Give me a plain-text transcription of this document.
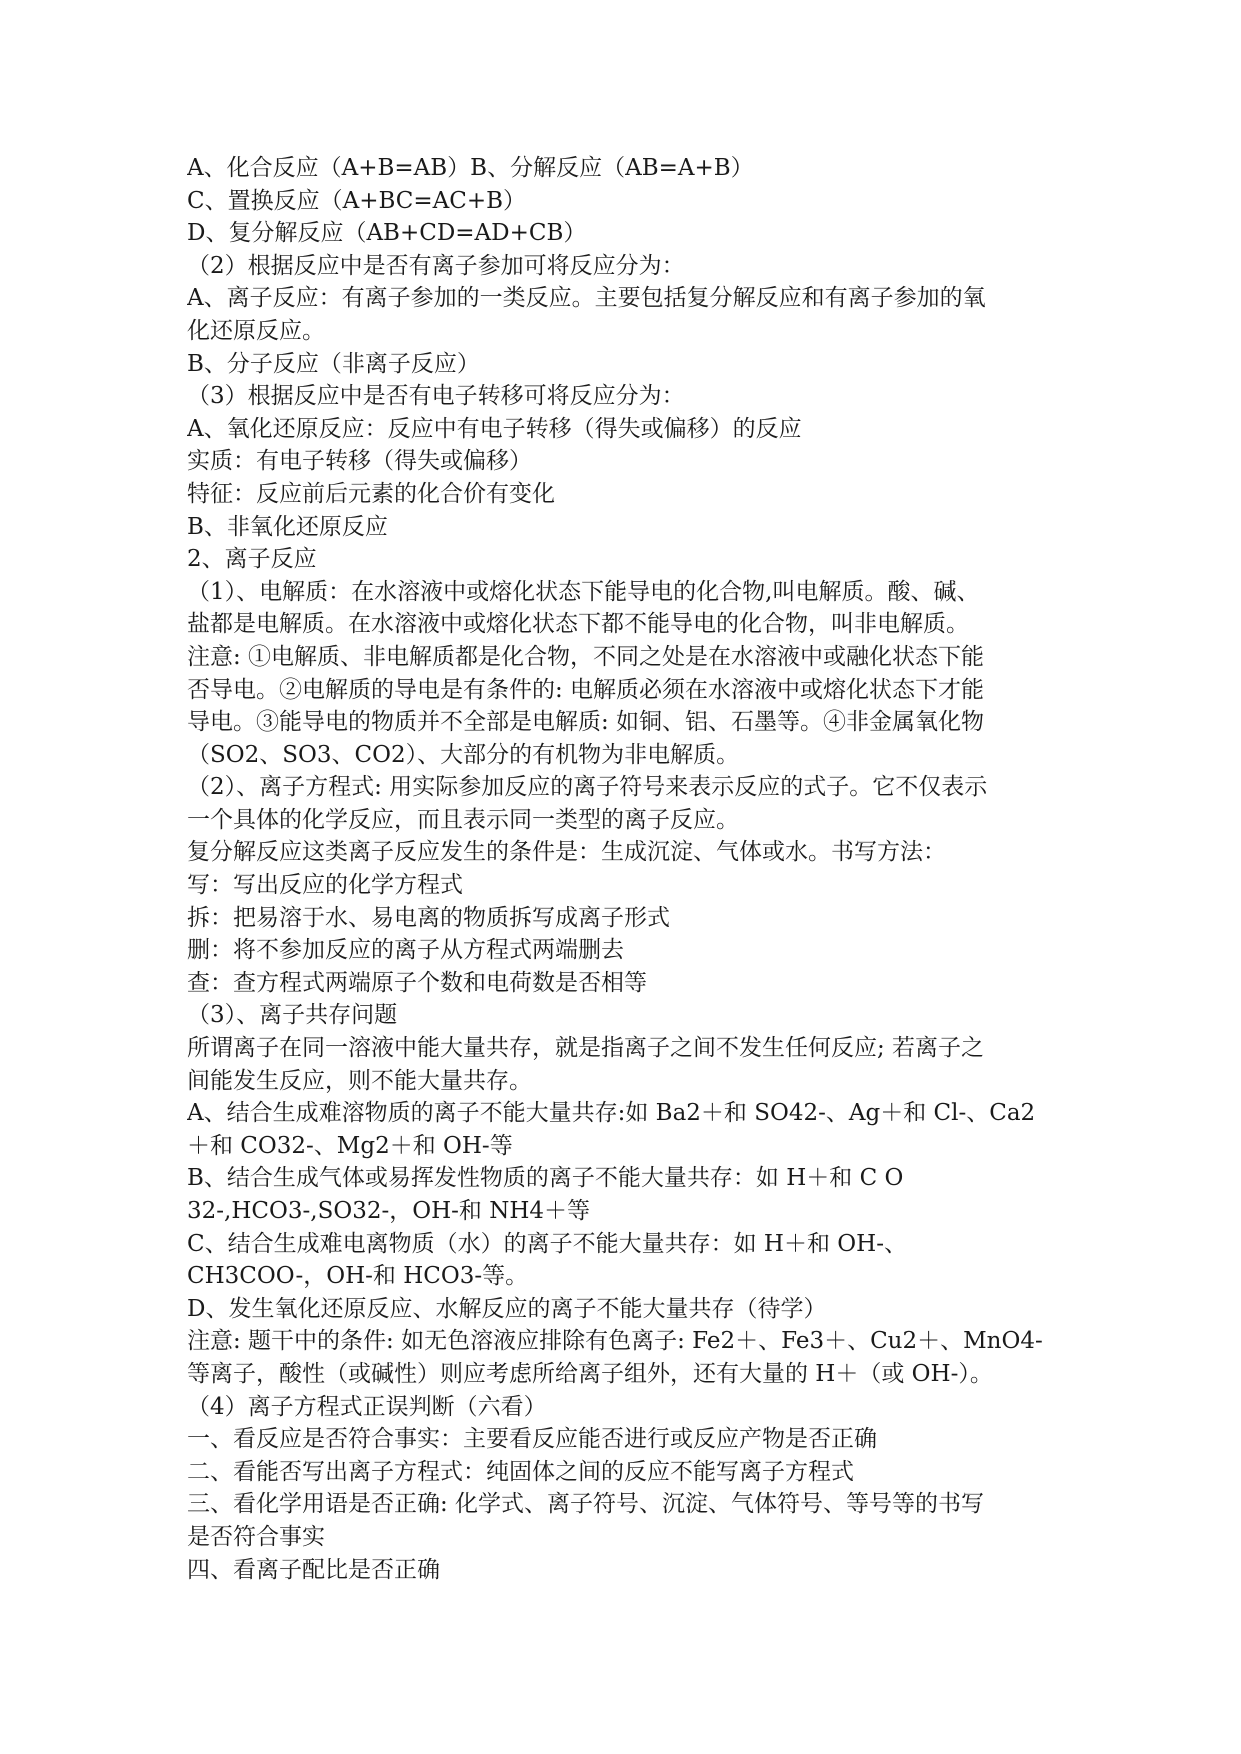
A、化合反应（A+B=AB）B、分解反应（AB=A+B）
C、置换反应（A+BC=AC+B）
D、复分解反应（AB+CD=AD+CB）
（2）根据反应中是否有离子参加可将反应分为：
A、离子反应：有离子参加的一类反应。主要包括复分解反应和有离子参加的氧
化还原反应。
B、分子反应（非离子反应）
（3）根据反应中是否有电子转移可将反应分为：
A、氧化还原反应：反应中有电子转移（得失或偏移）的反应
实质：有电子转移（得失或偏移）
特征：反应前后元素的化合价有变化
B、非氧化还原反应
2、离子反应
（1）、电解质：在水溶液中或熔化状态下能导电的化合物,叫电解质。酸、碱、
盐都是电解质。在水溶液中或熔化状态下都不能导电的化合物，叫非电解质。
注意: ①电解质、非电解质都是化合物，不同之处是在水溶液中或融化状态下能
否导电。②电解质的导电是有条件的: 电解质必须在水溶液中或熔化状态下才能
导电。③能导电的物质并不全部是电解质: 如铜、铝、石墨等。④非金属氧化物
（SO2、SO3、CO2）、大部分的有机物为非电解质。
（2）、离子方程式: 用实际参加反应的离子符号来表示反应的式子。它不仅表示
一个具体的化学反应，而且表示同一类型的离子反应。
复分解反应这类离子反应发生的条件是：生成沉淀、气体或水。书写方法：
写：写出反应的化学方程式
拆：把易溶于水、易电离的物质拆写成离子形式
删：将不参加反应的离子从方程式两端删去
查：查方程式两端原子个数和电荷数是否相等
（3）、离子共存问题
所谓离子在同一溶液中能大量共存，就是指离子之间不发生任何反应; 若离子之
间能发生反应，则不能大量共存。
A、结合生成难溶物质的离子不能大量共存:如 Ba2＋和 SO42-、Ag＋和 Cl-、Ca2
＋和 CO32-、Mg2＋和 OH-等
B、结合生成气体或易挥发性物质的离子不能大量共存：如 H＋和 C O
32-,HCO3-,SO32-，OH-和 NH4＋等
C、结合生成难电离物质（水）的离子不能大量共存：如 H＋和 OH-、
CH3COO-，OH-和 HCO3-等。
D、发生氧化还原反应、水解反应的离子不能大量共存（待学）
注意: 题干中的条件: 如无色溶液应排除有色离子: Fe2＋、Fe3＋、Cu2＋、MnO4-
等离子，酸性（或碱性）则应考虑所给离子组外，还有大量的 H＋（或 OH-）。
（4）离子方程式正误判断（六看）
一、看反应是否符合事实：主要看反应能否进行或反应产物是否正确
二、看能否写出离子方程式：纯固体之间的反应不能写离子方程式
三、看化学用语是否正确: 化学式、离子符号、沉淀、气体符号、等号等的书写
是否符合事实
四、看离子配比是否正确
